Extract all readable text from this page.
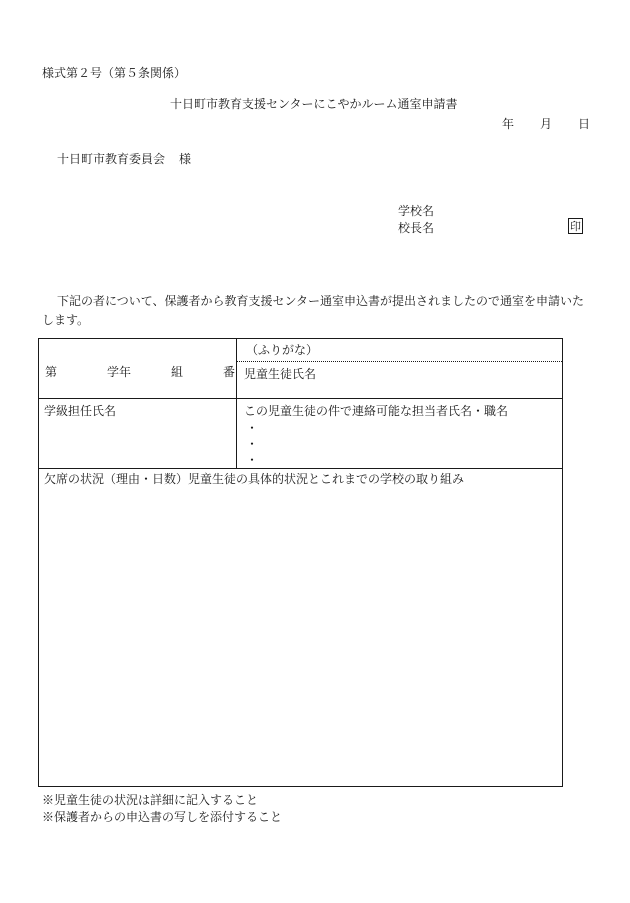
様式第２号（第５条関係）
十日町市教育支援センターにこやかルーム通室申請書
年 月 日
十日町市教育委員会 様
学校名
校長名	印
下記の者について、保護者から教育支援センター通室申込書が提出されましたので通室を申請いたします。
第	学年	組	番
（ふりがな）
児童生徒氏名
学級担任氏名	この児童生徒の件で連絡可能な担当者氏名・職名
・
・
・
欠席の状況（理由・日数）児童生徒の具体的状況とこれまでの学校の取り組み
※児童生徒の状況は詳細に記入すること
※保護者からの申込書の写しを添付すること
